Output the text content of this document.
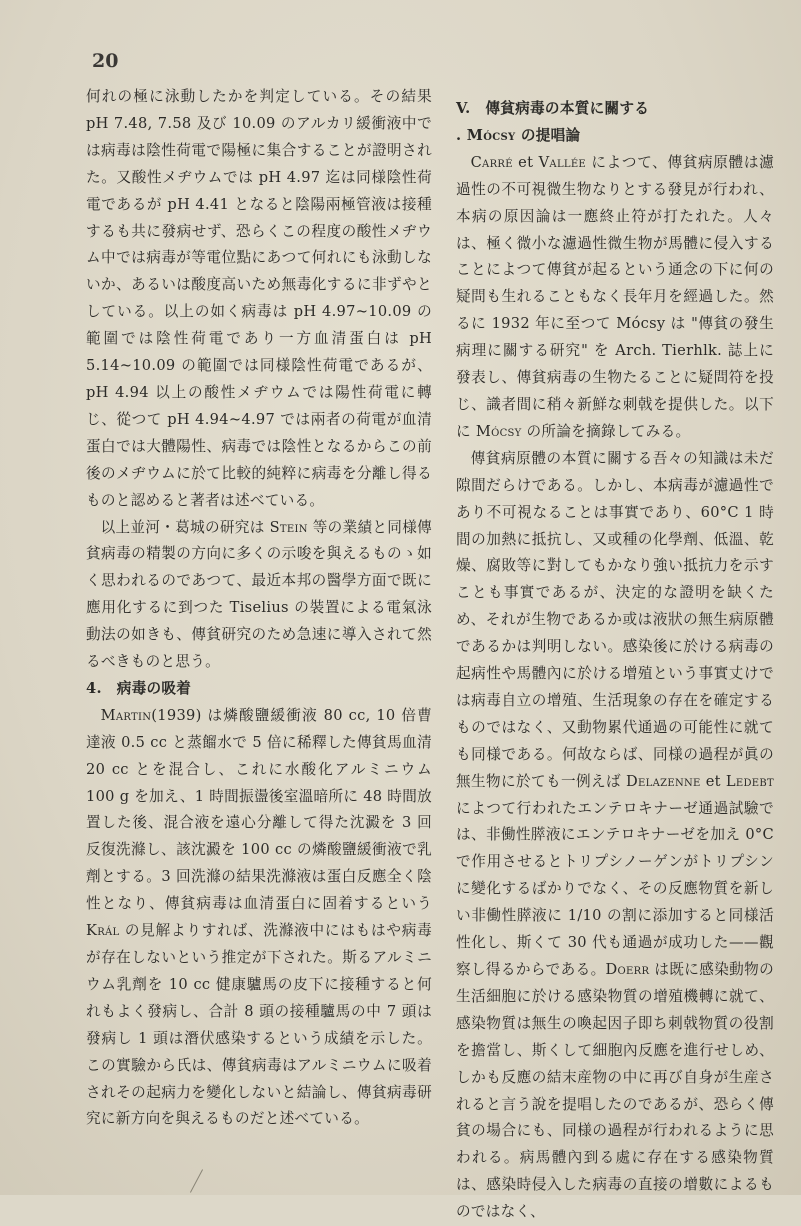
20

何れの極に泳動したかを判定している。その結果 pH 7.48, 7.58 及び 10.09 のアルカリ緩衝液中では病毒は陰性荷電で陽極に集合することが證明された。又酸性メヂウムでは pH 4.97 迄は同様陰性荷電であるが pH 4.41 となると陰陽兩極管液は接種するも共に發病せず、恐らくこの程度の酸性メヂウム中では病毒が等電位點にあつて何れにも泳動しないか、あるいは酸度高いため無毒化するに非ずやとしている。以上の如く病毒は pH 4.97~10.09 の範圍では陰性荷電であり一方血清蛋白は pH 5.14~10.09 の範圍では同様陰性荷電であるが、pH 4.94 以上の酸性メヂウムでは陽性荷電に轉じ、從つて pH 4.94~4.97 では兩者の荷電が血清蛋白では大體陽性、病毒では陰性となるからこの前後のメヂウムに於て比較的純粹に病毒を分離し得るものと認めると著者は述べている。

以上並河・葛城の研究は Stein 等の業績と同様傳貧病毒の精製の方向に多くの示唆を與えるものゝ如く思われるのであつて、最近本邦の醫學方面で既に應用化するに到つた Tiselius の裝置による電氣泳動法の如きも、傳貧研究のため急速に導入されて然るべきものと思う。

4.　病毒の吸着

Martin(1939) は燐酸鹽緩衝液 80 cc, 10 倍曹達液 0.5 cc と蒸餾水で 5 倍に稀釋した傳貧馬血清 20 cc とを混合し、これに水酸化アルミニウム 100 g を加え、1 時間振盪後室溫暗所に 48 時間放置した後、混合液を遠心分離して得た沈澱を 3 回反復洗滌し、該沈澱を 100 cc の燐酸鹽緩衝液で乳劑とする。3 回洗滌の結果洗滌液は蛋白反應全く陰性となり、傳貧病毒は血清蛋白に固着するという Král の見解よりすれば、洗滌液中にはもはや病毒が存在しないという推定が下された。斯るアルミニウム乳劑を 10 cc 健康驢馬の皮下に接種すると何れもよく發病し、合計 8 頭の接種驢馬の中 7 頭は發病し 1 頭は潛伏感染するという成績を示した。この實驗から氏は、傳貧病毒はアルミニウムに吸着されその起病力を變化しないと結論し、傳貧病毒研究に新方向を與えるものだと述べている。

V.　傳貧病毒の本質に關する

. Mócsy の提唱論

Carré et Vallée によつて、傳貧病原體は濾過性の不可視微生物なりとする發見が行われ、本病の原因論は一應終止符が打たれた。人々は、極く微小な濾過性微生物が馬體に侵入することによつて傳貧が起るという通念の下に何の疑問も生れることもなく長年月を經過した。然るに 1932 年に至つて Mócsy は "傳貧の發生病理に關する研究" を Arch. Tierhlk. 誌上に發表し、傳貧病毒の生物たることに疑問符を投じ、識者間に稍々新鮮な刺戟を提供した。以下に Mócsy の所論を摘錄してみる。

傳貧病原體の本質に關する吾々の知識は未だ隙間だらけである。しかし、本病毒が濾過性であり不可視なることは事實であり、60°C 1 時間の加熱に抵抗し、又或種の化學劑、低溫、乾燥、腐敗等に對してもかなり強い抵抗力を示すことも事實であるが、決定的な證明を缺くため、それが生物であるか或は液狀の無生病原體であるかは判明しない。感染後に於ける病毒の起病性や馬體內に於ける增殖という事實丈けでは病毒自立の增殖、生活現象の存在を確定するものではなく、又動物累代通過の可能性に就ても同様である。何故ならば、同様の過程が眞の無生物に於ても一例えば Delazenne et Ledebt によつて行われたエンテロキナーゼ通過試驗では、非働性膵液にエンテロキナーゼを加え 0°C で作用させるとトリプシノーゲンがトリプシンに變化するばかりでなく、その反應物質を新しい非働性膵液に 1/10 の割に添加すると同様活性化し、斯くて 30 代も通過が成功した——觀察し得るからである。Doerr は既に感染動物の生活細胞に於ける感染物質の增殖機轉に就て、感染物質は無生の喚起因子即ち刺戟物質の役割を擔當し、斯くして細胞內反應を進行せしめ、しかも反應の結末産物の中に再び自身が生産されると言う說を提唱したのであるが、恐らく傳貧の場合にも、同様の過程が行われるように思われる。病馬體內到る處に存在する感染物質は、感染時侵入した病毒の直接の增數によるものではなく、
